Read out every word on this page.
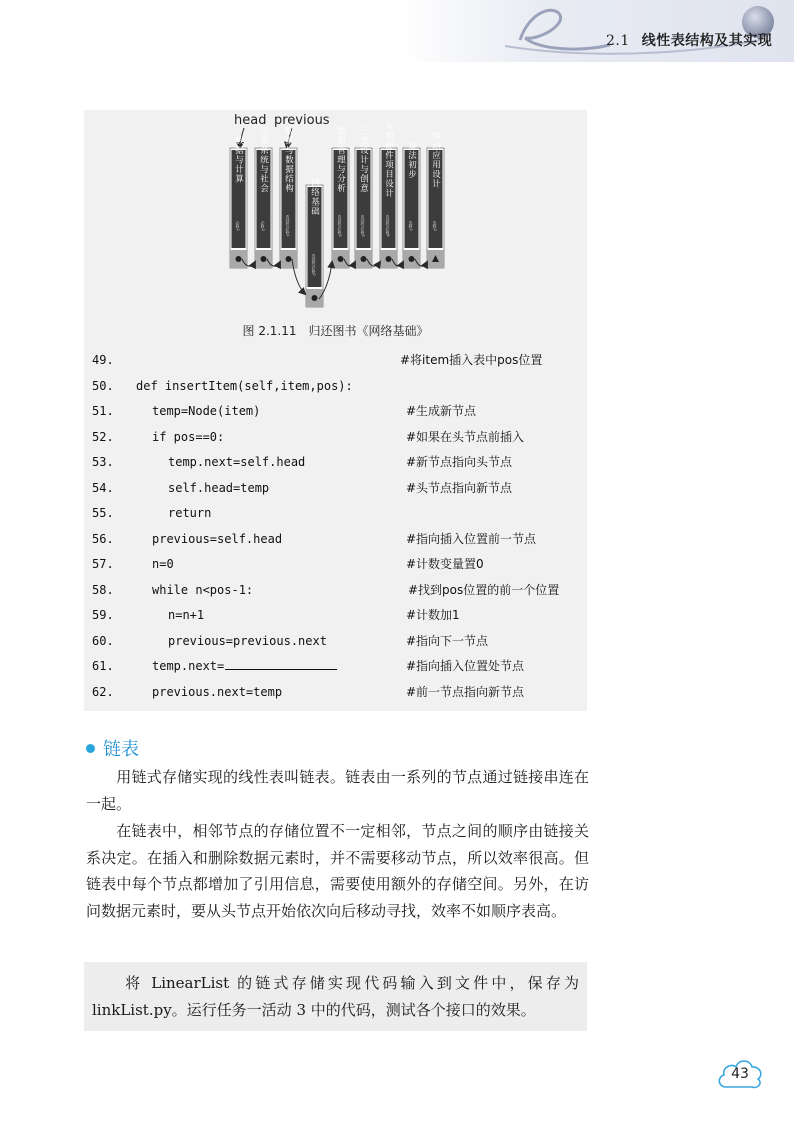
2.1 线性表结构及其实现
head previous
数据与计算
必修1
信息系统与社会
必修2
数据与数据结构
选择性必修1
网络基础
选择性必修2
数据管理与分析
选择性必修3
三维设计与创意
选择性必修5
开源硬件项目设计
选择性必修6
算法初步
选修1
移动应用设计
选修2
图 2.1.11 归还图书《网络基础》
49.	#将item插入表中pos位置
50. def insertItem(self,item,pos):
51.	temp=Node(item)	#生成新节点
52.	if pos==0:	#如果在头节点前插入
53.	temp.next=self.head	#新节点指向头节点
54.	self.head=temp	#头节点指向新节点
55.	return
56.	previous=self.head	#指向插入位置前一节点
57.	n=0	#计数变量置0
58.	while n<pos-1:	#找到pos位置的前一个位置
59.	n=n+1	#计数加1
60.	previous=previous.next	#指向下一节点
61.	temp.next=	#指向插入位置处节点
62.	previous.next=temp	#前一节点指向新节点
链表
用链式存储实现的线性表叫链表。链表由一系列的节点通过链接串连在一起。
在链表中，相邻节点的存储位置不一定相邻，节点之间的顺序由链接关系决定。在插入和删除数据元素时，并不需要移动节点，所以效率很高。但链表中每个节点都增加了引用信息，需要使用额外的存储空间。另外，在访问数据元素时，要从头节点开始依次向后移动寻找，效率不如顺序表高。
将 LinearList 的链式存储实现代码输入到文件中，保存为 linkList.py。运行任务一活动 3 中的代码，测试各个接口的效果。
43
